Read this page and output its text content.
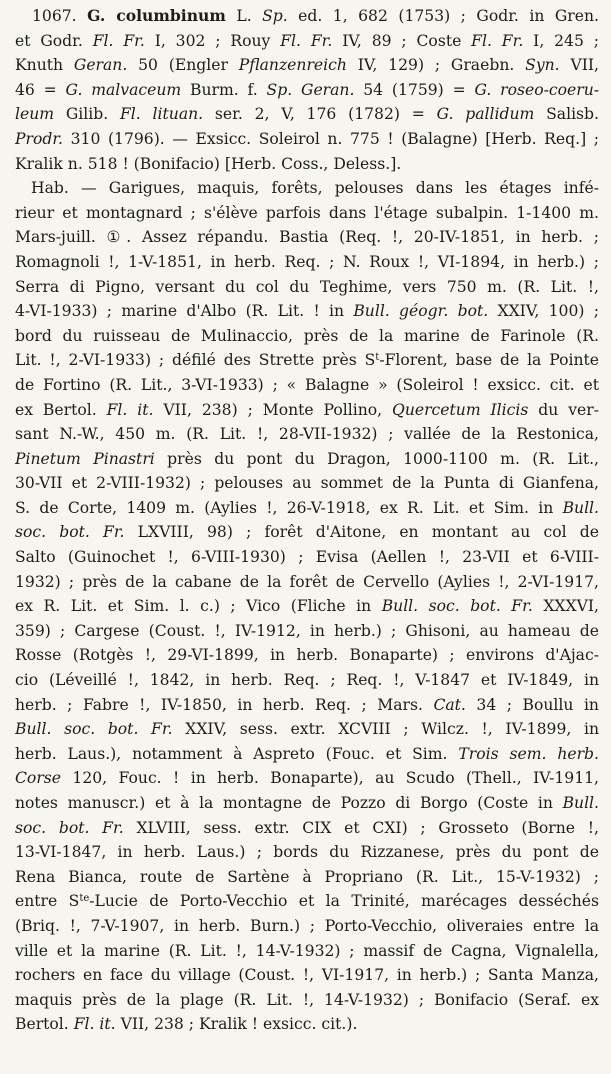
1067. G. columbinum L. Sp. ed. 1, 682 (1753) ; Godr. in Gren.
et Godr. Fl. Fr. I, 302 ; Rouy Fl. Fr. IV, 89 ; Coste Fl. Fr. I, 245 ;
Knuth Geran. 50 (Engler Pflanzenreich IV, 129) ; Graebn. Syn. VII,
46 = G. malvaceum Burm. f. Sp. Geran. 54 (1759) = G. roseo-coeru-
leum Gilib. Fl. lituan. ser. 2, V, 176 (1782) = G. pallidum Salisb.
Prodr. 310 (1796). — Exsicc. Soleirol n. 775 ! (Balagne) [Herb. Req.] ;
Kralik n. 518 ! (Bonifacio) [Herb. Coss., Deless.].
Hab. — Garigues, maquis, forêts, pelouses dans les étages infé-
rieur et montagnard ; s'élève parfois dans l'étage subalpin. 1-1400 m.
Mars-juill. ①. Assez répandu. Bastia (Req. !, 20-IV-1851, in herb. ;
Romagnoli !, 1-V-1851, in herb. Req. ; N. Roux !, VI-1894, in herb.) ;
Serra di Pigno, versant du col du Teghime, vers 750 m. (R. Lit. !,
4-VI-1933) ; marine d'Albo (R. Lit. ! in Bull. géogr. bot. XXIV, 100) ;
bord du ruisseau de Mulinaccio, près de la marine de Farinole (R.
Lit. !, 2-VI-1933) ; défilé des Strette près $S^t$-Florent, base de la Pointe
de Fortino (R. Lit., 3-VI-1933) ; « Balagne » (Soleirol ! exsicc. cit. et
ex Bertol. Fl. it. VII, 238) ; Monte Pollino, Quercetum Ilicis du ver-
sant N.-W., 450 m. (R. Lit. !, 28-VII-1932) ; vallée de la Restonica,
Pinetum Pinastri près du pont du Dragon, 1000-1100 m. (R. Lit.,
30-VII et 2-VIII-1932) ; pelouses au sommet de la Punta di Gianfena,
S. de Corte, 1409 m. (Aylies !, 26-V-1918, ex R. Lit. et Sim. in Bull.
soc. bot. Fr. LXVIII, 98) ; forêt d'Aitone, en montant au col de
Salto (Guinochet !, 6-VIII-1930) ; Evisa (Aellen !, 23-VII et 6-VIII-
1932) ; près de la cabane de la forêt de Cervello (Aylies !, 2-VI-1917,
ex R. Lit. et Sim. l. c.) ; Vico (Fliche in Bull. soc. bot. Fr. XXXVI,
359) ; Cargese (Coust. !, IV-1912, in herb.) ; Ghisoni, au hameau de
Rosse (Rotgès !, 29-VI-1899, in herb. Bonaparte) ; environs d'Ajac-
cio (Léveillé !, 1842, in herb. Req. ; Req. !, V-1847 et IV-1849, in
herb. ; Fabre !, IV-1850, in herb. Req. ; Mars. Cat. 34 ; Boullu in
Bull. soc. bot. Fr. XXIV, sess. extr. XCVIII ; Wilcz. !, IV-1899, in
herb. Laus.), notamment à Aspreto (Fouc. et Sim. Trois sem. herb.
Corse 120, Fouc. ! in herb. Bonaparte), au Scudo (Thell., IV-1911,
notes manuscr.) et à la montagne de Pozzo di Borgo (Coste in Bull.
soc. bot. Fr. XLVIII, sess. extr. CIX et CXI) ; Grosseto (Borne !,
13-VI-1847, in herb. Laus.) ; bords du Rizzanese, près du pont de
Rena Bianca, route de Sartène à Propriano (R. Lit., 15-V-1932) ;
entre $S^{te}$-Lucie de Porto-Vecchio et la Trinité, marécages desséchés
(Briq. !, 7-V-1907, in herb. Burn.) ; Porto-Vecchio, oliveraies entre la
ville et la marine (R. Lit. !, 14-V-1932) ; massif de Cagna, Vignalella,
rochers en face du village (Coust. !, VI-1917, in herb.) ; Santa Manza,
maquis près de la plage (R. Lit. !, 14-V-1932) ; Bonifacio (Seraf. ex
Bertol. Fl. it. VII, 238 ; Kralik ! exsicc. cit.).
